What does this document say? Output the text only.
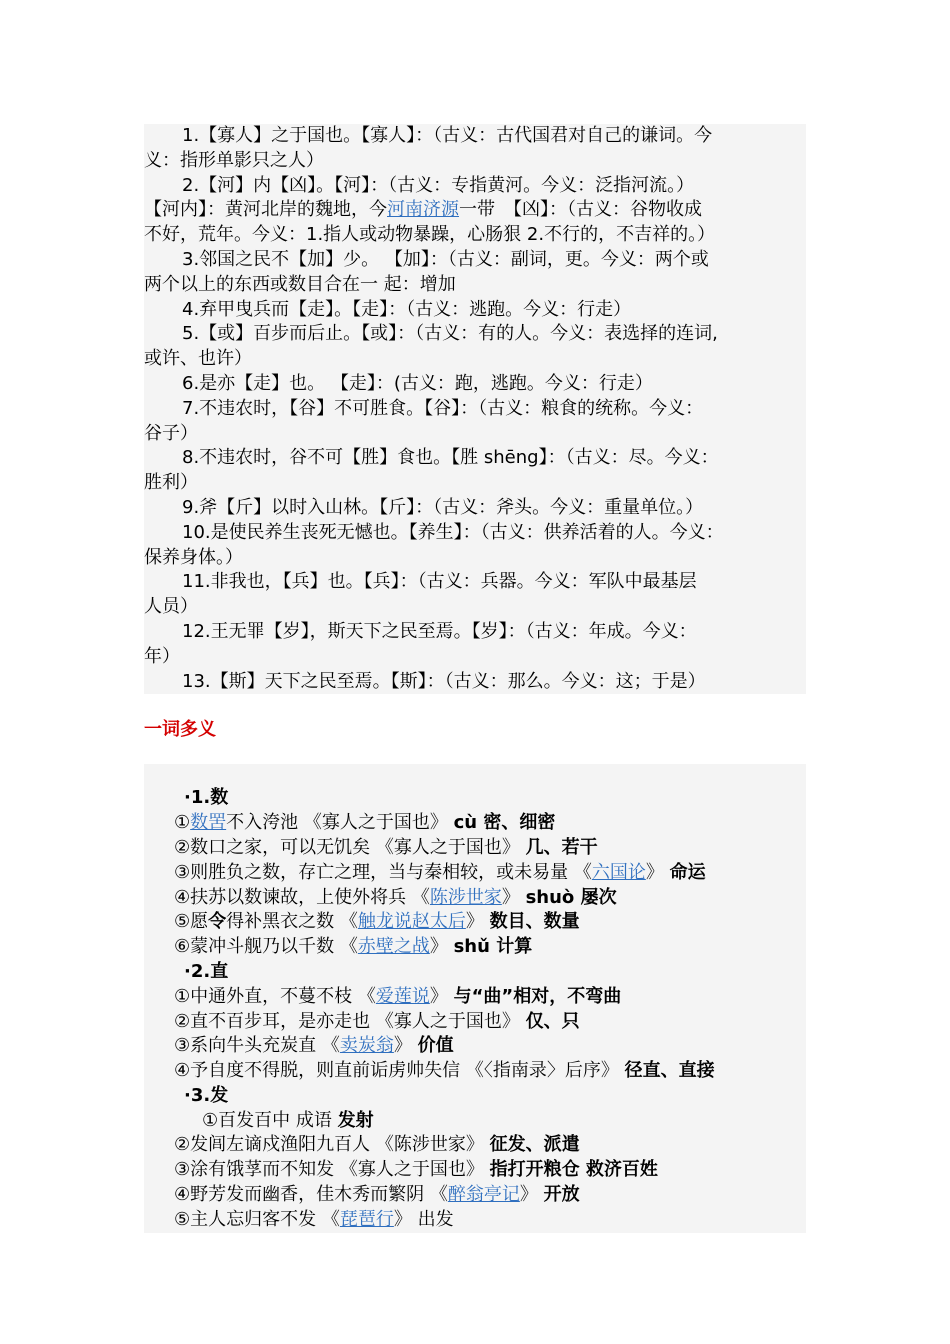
1.【寡人】之于国也。【寡人】：（古义：古代国君对自己的谦词。今
义：指形单影只之人）
2.【河】内【凶】。【河】：（古义：专指黄河。今义：泛指河流。）
【河内】：黄河北岸的魏地，今河南济源一带　【凶】：（古义：谷物收成
不好，荒年。今义：1.指人或动物暴躁，心肠狠 2.不行的，不吉祥的。）
3.邻国之民不【加】少。 【加】：（古义：副词，更。今义：两个或
两个以上的东西或数目合在一 起：增加
4.弃甲曳兵而【走】。【走】：（古义：逃跑。今义：行走）
5.【或】百步而后止。【或】：（古义：有的人。今义：表选择的连词,
或许、也许）
6.是亦【走】也。 【走】：(古义：跑，逃跑。今义：行走）
7.不违农时，【谷】不可胜食。【谷】：（古义：粮食的统称。今义：
谷子）
8.不违农时，谷不可【胜】食也。【胜 shēng】：（古义：尽。今义：
胜利）
9.斧【斤】以时入山林。【斤】：（古义：斧头。今义：重量单位。）
10.是使民养生丧死无憾也。【养生】：（古义：供养活着的人。今义：
保养身体。）
11.非我也，【兵】也。【兵】：（古义：兵器。今义：军队中最基层
人员）
12.王无罪【岁】，斯天下之民至焉。【岁】：（古义：年成。今义：
年）
13.【斯】天下之民至焉。【斯】：（古义：那么。今义：这；于是）
一词多义
·1.数
①数罟不入洿池 《寡人之于国也》 cù 密、细密
②数口之家，可以无饥矣 《寡人之于国也》 几、若干
③则胜负之数，存亡之理，当与秦相较，或未易量 《六国论》 命运
④扶苏以数谏故，上使外将兵 《陈涉世家》 shuò 屡次
⑤愿令得补黑衣之数 《触龙说赵太后》 数目、数量
⑥蒙冲斗舰乃以千数 《赤壁之战》 shǔ 计算
·2.直
①中通外直，不蔓不枝 《爱莲说》 与“曲”相对，不弯曲
②直不百步耳，是亦走也 《寡人之于国也》 仅、只
③系向牛头充炭直 《卖炭翁》 价值
④予自度不得脱，则直前诟虏帅失信 《〈指南录〉后序》 径直、直接
·3.发
①百发百中 成语 发射
②发闾左谪戍渔阳九百人 《陈涉世家》 征发、派遣
③涂有饿莩而不知发 《寡人之于国也》 指打开粮仓 救济百姓
④野芳发而幽香，佳木秀而繁阴 《醉翁亭记》 开放
⑤主人忘归客不发 《琵琶行》 出发
